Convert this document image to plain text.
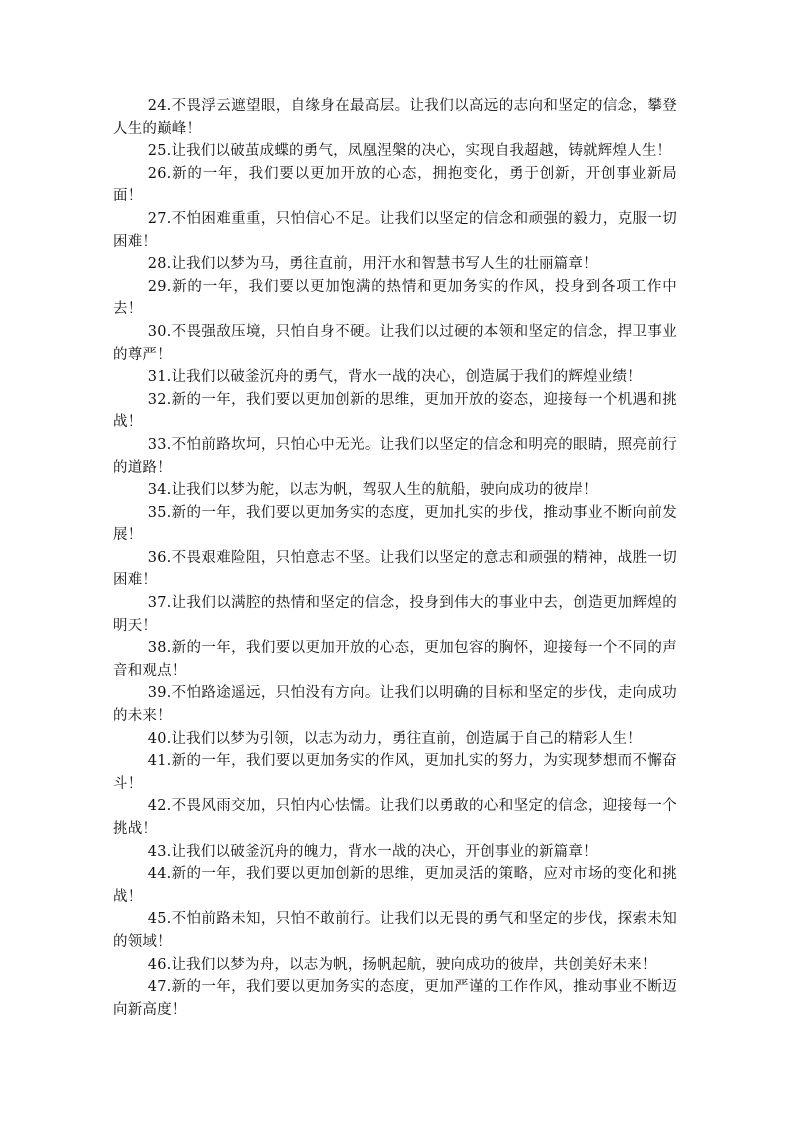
24.不畏浮云遮望眼，自缘身在最高层。让我们以高远的志向和坚定的信念，攀登人生的巅峰！

25.让我们以破茧成蝶的勇气，凤凰涅槃的决心，实现自我超越，铸就辉煌人生！

26.新的一年，我们要以更加开放的心态，拥抱变化，勇于创新，开创事业新局面！

27.不怕困难重重，只怕信心不足。让我们以坚定的信念和顽强的毅力，克服一切困难！

28.让我们以梦为马，勇往直前，用汗水和智慧书写人生的壮丽篇章！

29.新的一年，我们要以更加饱满的热情和更加务实的作风，投身到各项工作中去！

30.不畏强敌压境，只怕自身不硬。让我们以过硬的本领和坚定的信念，捍卫事业的尊严！

31.让我们以破釜沉舟的勇气，背水一战的决心，创造属于我们的辉煌业绩！

32.新的一年，我们要以更加创新的思维，更加开放的姿态，迎接每一个机遇和挑战！

33.不怕前路坎坷，只怕心中无光。让我们以坚定的信念和明亮的眼睛，照亮前行的道路！

34.让我们以梦为舵，以志为帆，驾驭人生的航船，驶向成功的彼岸！

35.新的一年，我们要以更加务实的态度，更加扎实的步伐，推动事业不断向前发展！

36.不畏艰难险阻，只怕意志不坚。让我们以坚定的意志和顽强的精神，战胜一切困难！

37.让我们以满腔的热情和坚定的信念，投身到伟大的事业中去，创造更加辉煌的明天！

38.新的一年，我们要以更加开放的心态，更加包容的胸怀，迎接每一个不同的声音和观点！

39.不怕路途遥远，只怕没有方向。让我们以明确的目标和坚定的步伐，走向成功的未来！

40.让我们以梦为引领，以志为动力，勇往直前，创造属于自己的精彩人生！

41.新的一年，我们要以更加务实的作风，更加扎实的努力，为实现梦想而不懈奋斗！

42.不畏风雨交加，只怕内心怯懦。让我们以勇敢的心和坚定的信念，迎接每一个挑战！

43.让我们以破釜沉舟的魄力，背水一战的决心，开创事业的新篇章！

44.新的一年，我们要以更加创新的思维，更加灵活的策略，应对市场的变化和挑战！

45.不怕前路未知，只怕不敢前行。让我们以无畏的勇气和坚定的步伐，探索未知的领域！

46.让我们以梦为舟，以志为帆，扬帆起航，驶向成功的彼岸，共创美好未来！

47.新的一年，我们要以更加务实的态度，更加严谨的工作作风，推动事业不断迈向新高度！
